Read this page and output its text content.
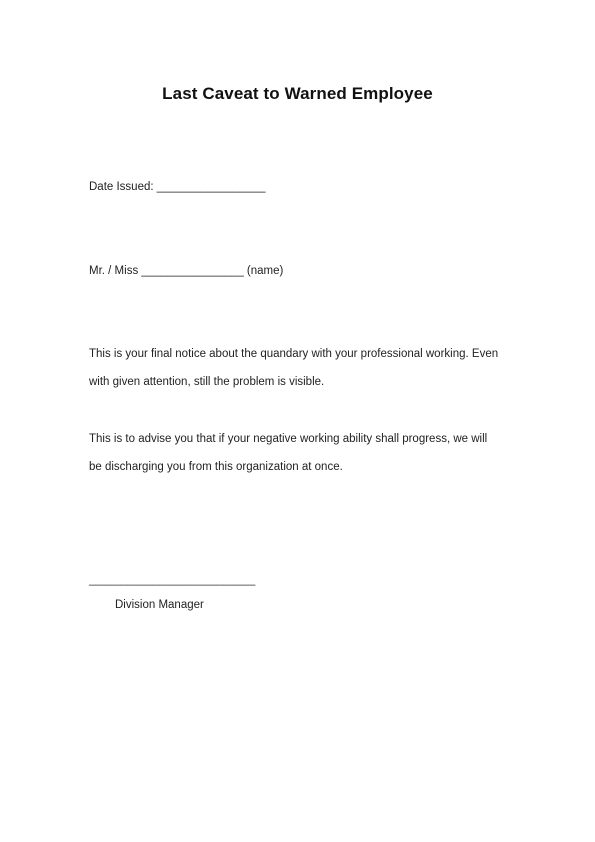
Last Caveat to Warned Employee
Date Issued: _________________
Mr. / Miss ________________ (name)
This is your final notice about the quandary with your professional working. Even
with given attention, still the problem is visible.
This is to advise you that if your negative working ability shall progress, we will
be discharging you from this organization at once.
__________________________
Division Manager
